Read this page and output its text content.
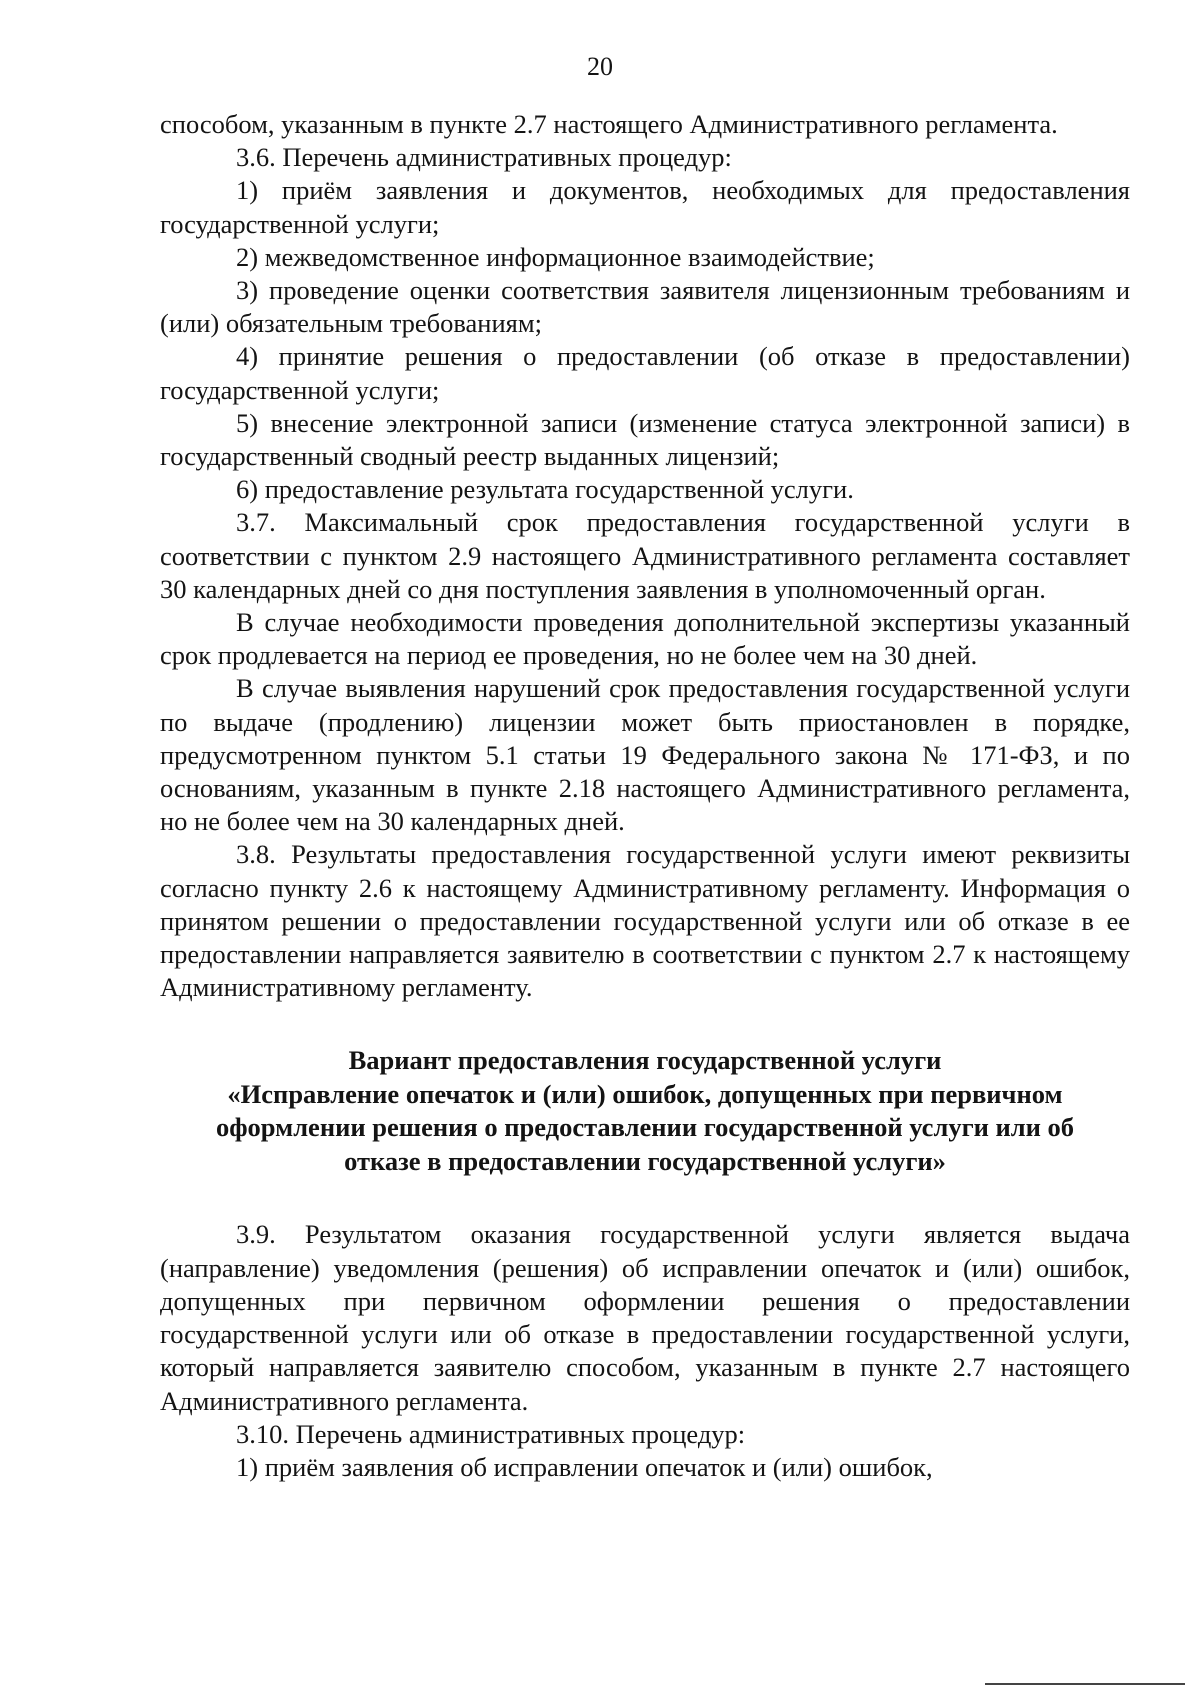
20

способом, указанным в пункте 2.7 настоящего Административного регламента.

3.6. Перечень административных процедур:

1) приём заявления и документов, необходимых для предоставления государственной услуги;

2) межведомственное информационное взаимодействие;

3) проведение оценки соответствия заявителя лицензионным требованиям и (или) обязательным требованиям;

4) принятие решения о предоставлении (об отказе в предоставлении) государственной услуги;

5) внесение электронной записи (изменение статуса электронной записи) в государственный сводный реестр выданных лицензий;

6) предоставление результата государственной услуги.

3.7. Максимальный срок предоставления государственной услуги в соответствии с пунктом 2.9 настоящего Административного регламента составляет 30 календарных дней со дня поступления заявления в уполномоченный орган.

В случае необходимости проведения дополнительной экспертизы указанный срок продлевается на период ее проведения, но не более чем на 30 дней.

В случае выявления нарушений срок предоставления государственной услуги по выдаче (продлению) лицензии может быть приостановлен в порядке, предусмотренном пунктом 5.1 статьи 19 Федерального закона № 171-ФЗ, и по основаниям, указанным в пункте 2.18 настоящего Административного регламента, но не более чем на 30 календарных дней.

3.8. Результаты предоставления государственной услуги имеют реквизиты согласно пункту 2.6 к настоящему Административному регламенту. Информация о принятом решении о предоставлении государственной услуги или об отказе в ее предоставлении направляется заявителю в соответствии с пунктом 2.7 к настоящему Административному регламенту.

Вариант предоставления государственной услуги
«Исправление опечаток и (или) ошибок, допущенных при первичном
оформлении решения о предоставлении государственной услуги или об
отказе в предоставлении государственной услуги»

3.9. Результатом оказания государственной услуги является выдача (направление) уведомления (решения) об исправлении опечаток и (или) ошибок, допущенных при первичном оформлении решения о предоставлении государственной услуги или об отказе в предоставлении государственной услуги, который направляется заявителю способом, указанным в пункте 2.7 настоящего Административного регламента.

3.10. Перечень административных процедур:

1) приём заявления об исправлении опечаток и (или) ошибок,
